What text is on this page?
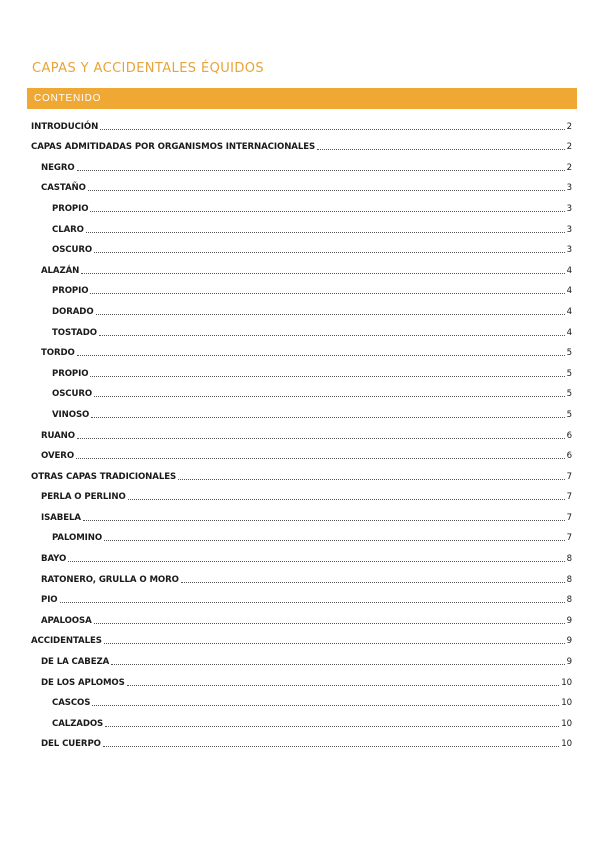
CAPAS Y ACCIDENTALES ÉQUIDOS
CONTENIDO
INTRODUCIÓN	2
CAPAS ADMITIDADAS POR ORGANISMOS INTERNACIONALES	2
NEGRO	2
CASTAÑO	3
PROPIO	3
CLARO	3
OSCURO	3
ALAZÁN	4
PROPIO	4
DORADO	4
TOSTADO	4
TORDO	5
PROPIO	5
OSCURO	5
VINOSO	5
RUANO	6
OVERO	6
OTRAS CAPAS TRADICIONALES	7
PERLA O PERLINO	7
ISABELA	7
PALOMINO	7
BAYO	8
RATONERO, GRULLA O MORO	8
PIO	8
APALOOSA	9
ACCIDENTALES	9
DE LA CABEZA	9
DE LOS APLOMOS	10
CASCOS	10
CALZADOS	10
DEL CUERPO	10
